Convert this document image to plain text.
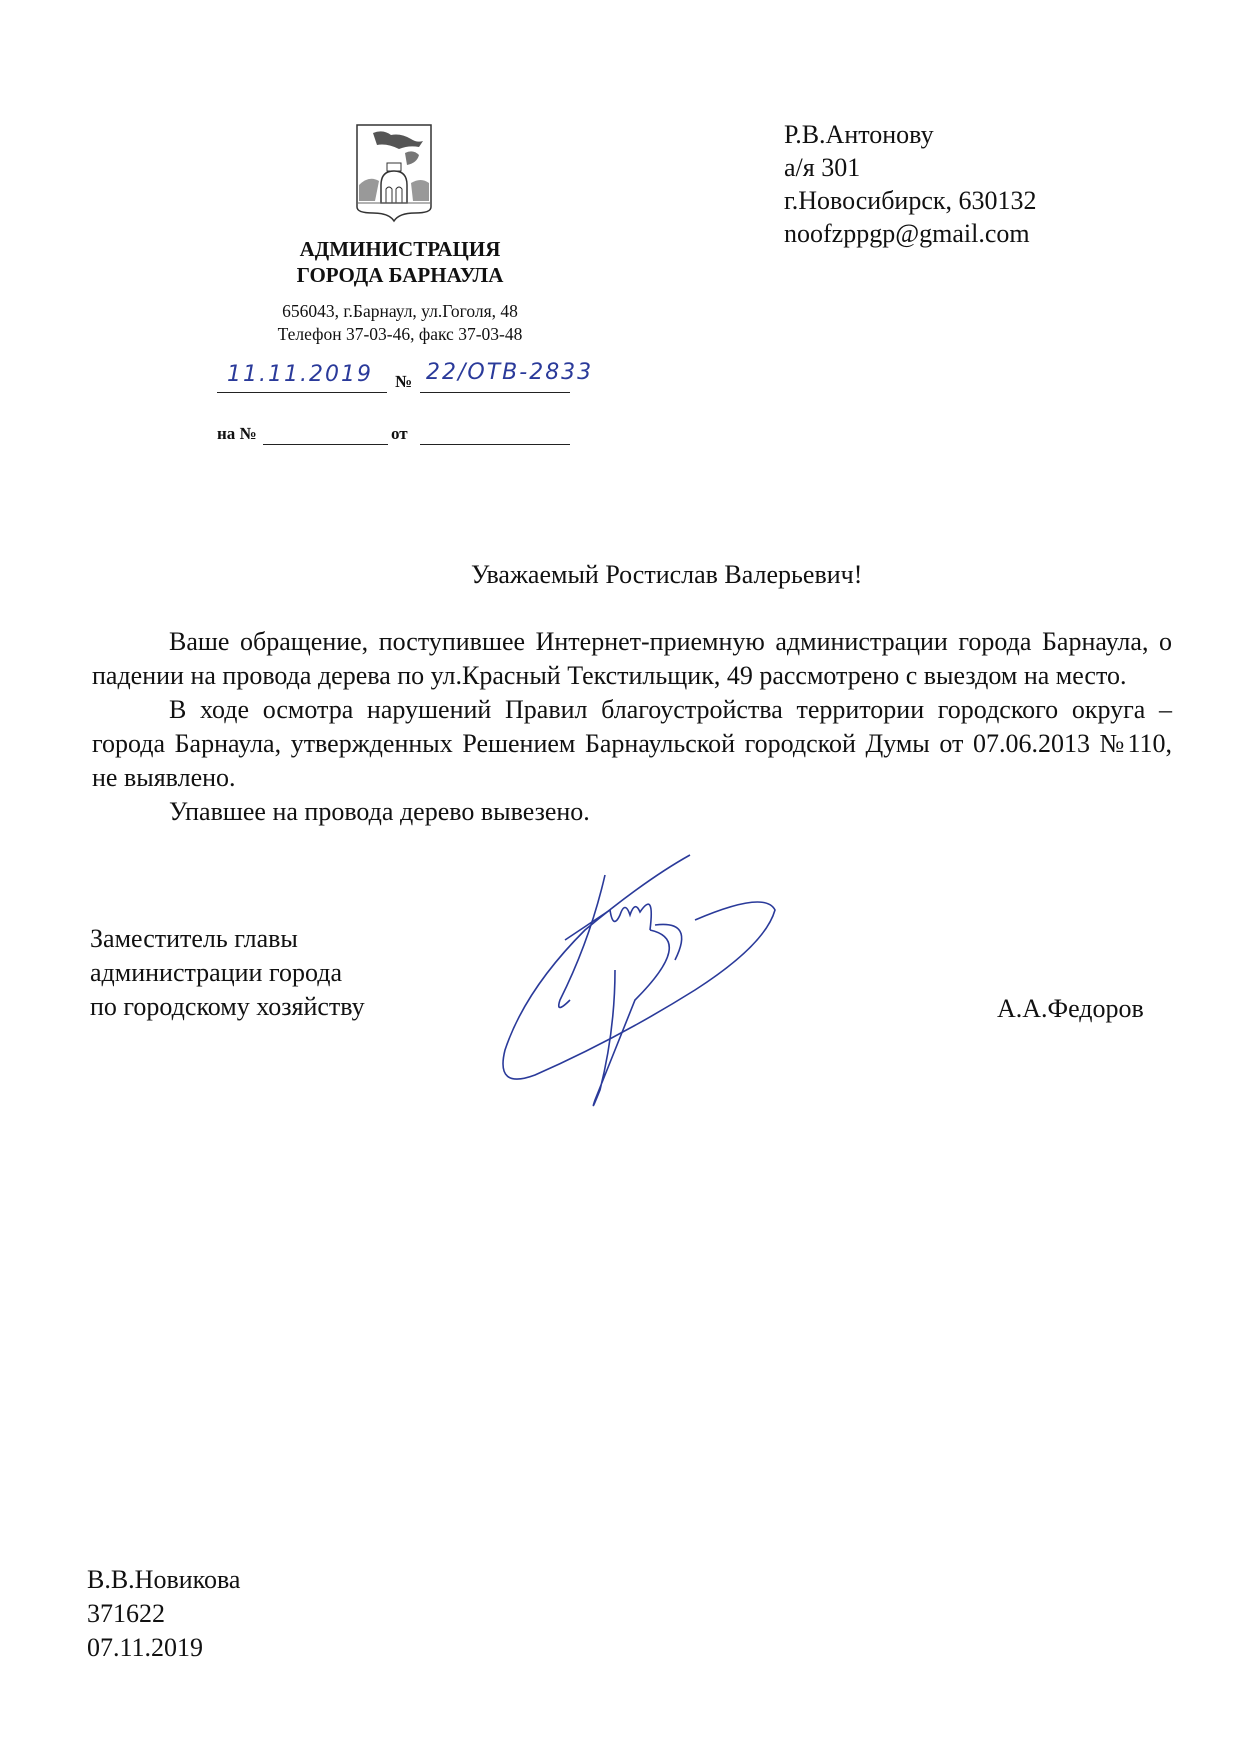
АДМИНИСТРАЦИЯ
ГОРОДА БАРНАУЛА
656043, г.Барнаул, ул.Гоголя, 48
Телефон 37-03-46, факс 37-03-48
11.11.2019 № 22/ОТВ-2833
на №	от
Р.В.Антонову
а/я 301
г.Новосибирск, 630132
noofzppgp@gmail.com
Уважаемый Ростислав Валерьевич!

Ваше обращение, поступившее Интернет-приемную администрации города Барнаула, о падении на провода дерева по ул.Красный Текстильщик, 49 рассмотрено с выездом на место.

В ходе осмотра нарушений Правил благоустройства территории городского округа – города Барнаула, утвержденных Решением Барнаульской городской Думы от 07.06.2013 №110, не выявлено.

Упавшее на провода дерево вывезено.

Заместитель главы
администрации города
по городскому хозяйству	А.А.Федоров
В.В.Новикова
371622
07.11.2019
